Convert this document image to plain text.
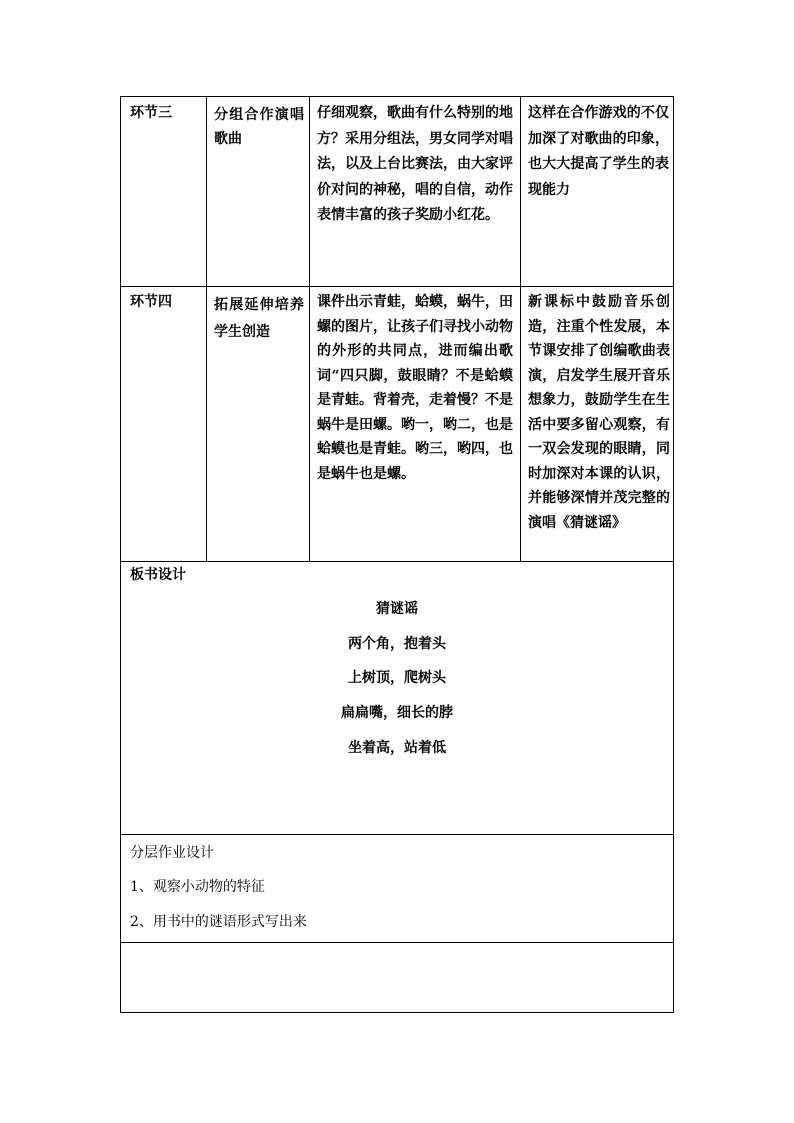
环节三	分组合作演唱歌曲
仔细观察，歌曲有什么特别的地方？采用分组法，男女同学对唱法，以及上台比赛法，由大家评价对问的神秘，唱的自信，动作表情丰富的孩子奖励小红花。
这样在合作游戏的不仅加深了对歌曲的印象，也大大提高了学生的表现能力
环节四	拓展延伸培养学生创造
课件出示青蛙，蛤蟆，蜗牛，田螺的图片，让孩子们寻找小动物的外形的共同点，进而编出歌词“四只脚，鼓眼睛？不是蛤蟆是青蛙。背着壳，走着慢？不是蜗牛是田螺。哟一，哟二，也是蛤蟆也是青蛙。哟三，哟四，也是蜗牛也是螺。
新课标中鼓励音乐创造，注重个性发展，本节课安排了创编歌曲表演，启发学生展开音乐想象力，鼓励学生在生活中要多留心观察，有一双会发现的眼睛，同时加深对本课的认识，并能够深情并茂完整的演唱《猜谜谣》
板书设计
猜谜谣
两个角，抱着头
上树顶，爬树头
扁扁嘴，细长的脖
坐着高，站着低
分层作业设计
1、观察小动物的特征
2、用书中的谜语形式写出来
